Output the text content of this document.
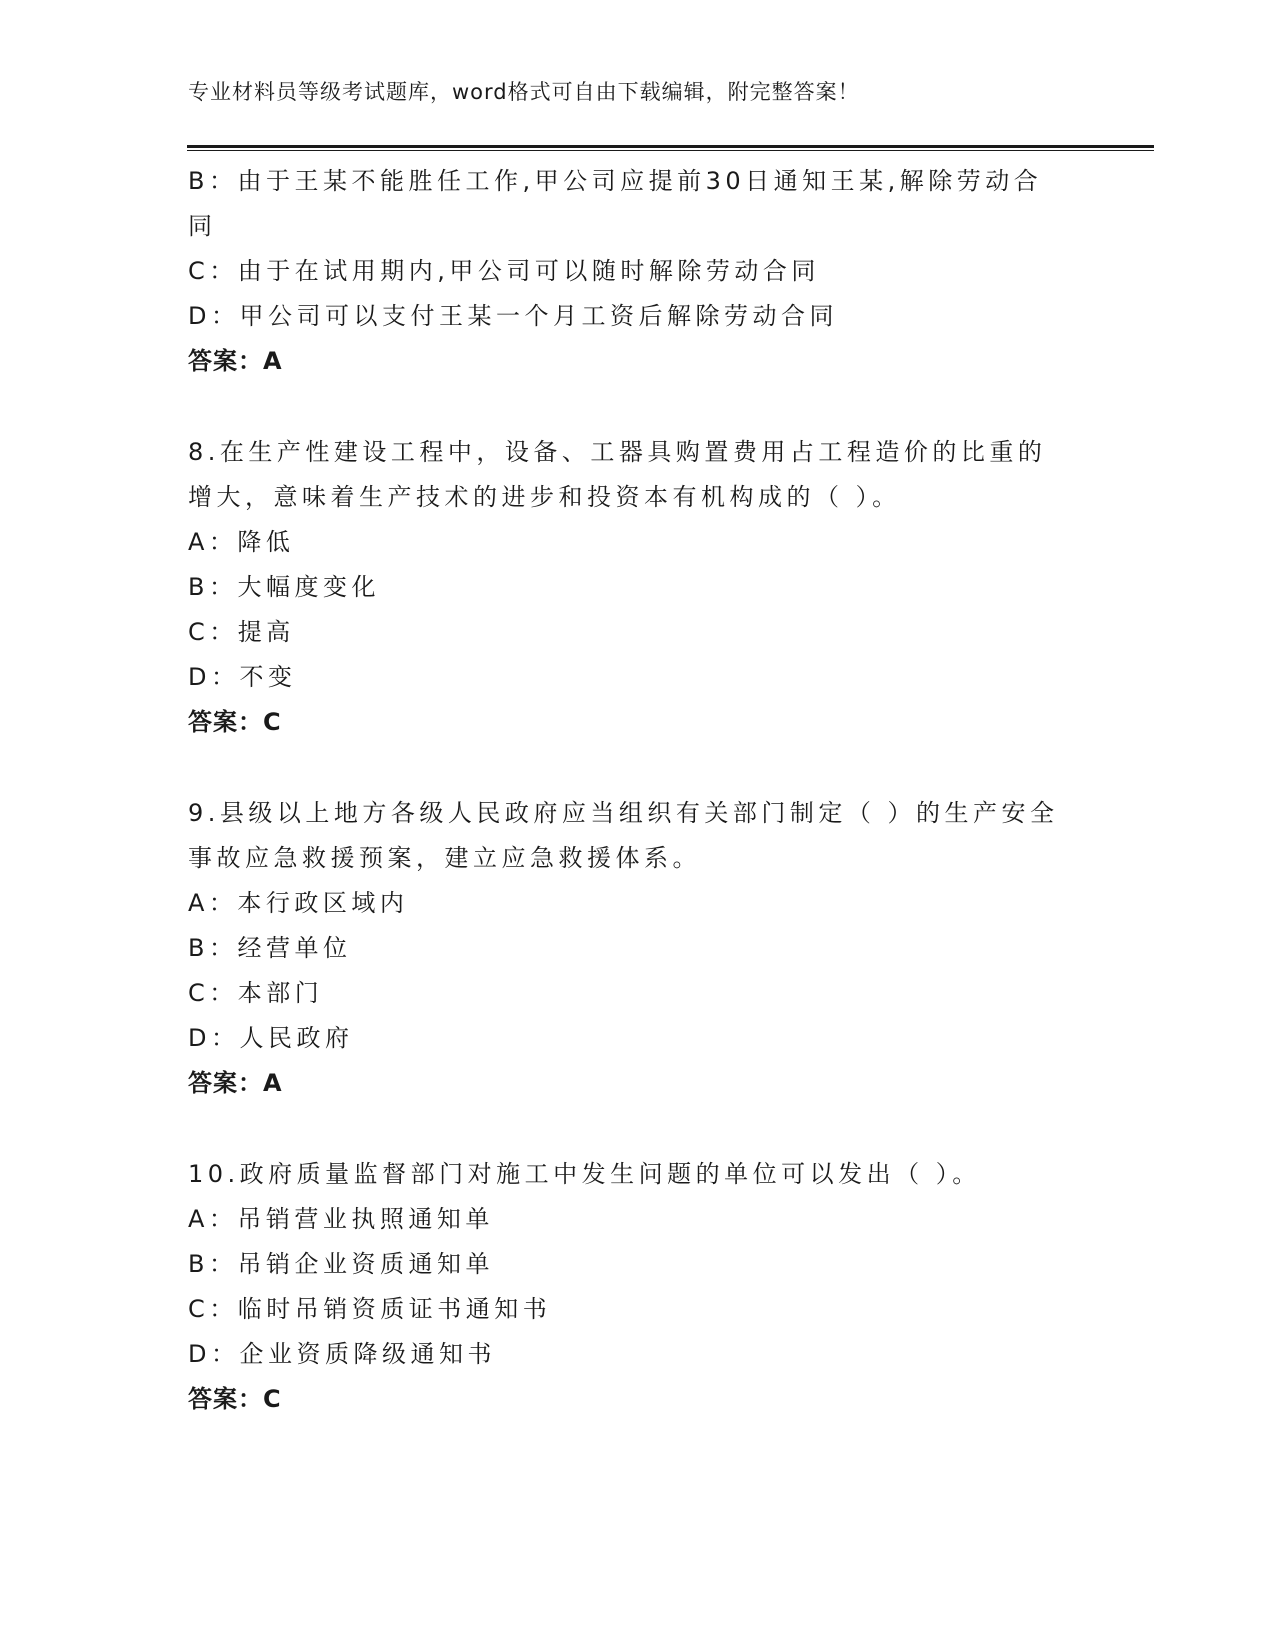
专业材料员等级考试题库，word格式可自由下载编辑，附完整答案！
B：由于王某不能胜任工作,甲公司应提前30日通知王某,解除劳动合
同
C：由于在试用期内,甲公司可以随时解除劳动合同
D：甲公司可以支付王某一个月工资后解除劳动合同
答案：A
8.在生产性建设工程中，设备、工器具购置费用占工程造价的比重的
增大，意味着生产技术的进步和投资本有机构成的（ ）。
A：降低
B：大幅度变化
C：提高
D：不变
答案：C
9.县级以上地方各级人民政府应当组织有关部门制定（ ）的生产安全
事故应急救援预案，建立应急救援体系。
A：本行政区域内
B：经营单位
C：本部门
D：人民政府
答案：A
10.政府质量监督部门对施工中发生问题的单位可以发出（ ）。
A：吊销营业执照通知单
B：吊销企业资质通知单
C：临时吊销资质证书通知书
D：企业资质降级通知书
答案：C
